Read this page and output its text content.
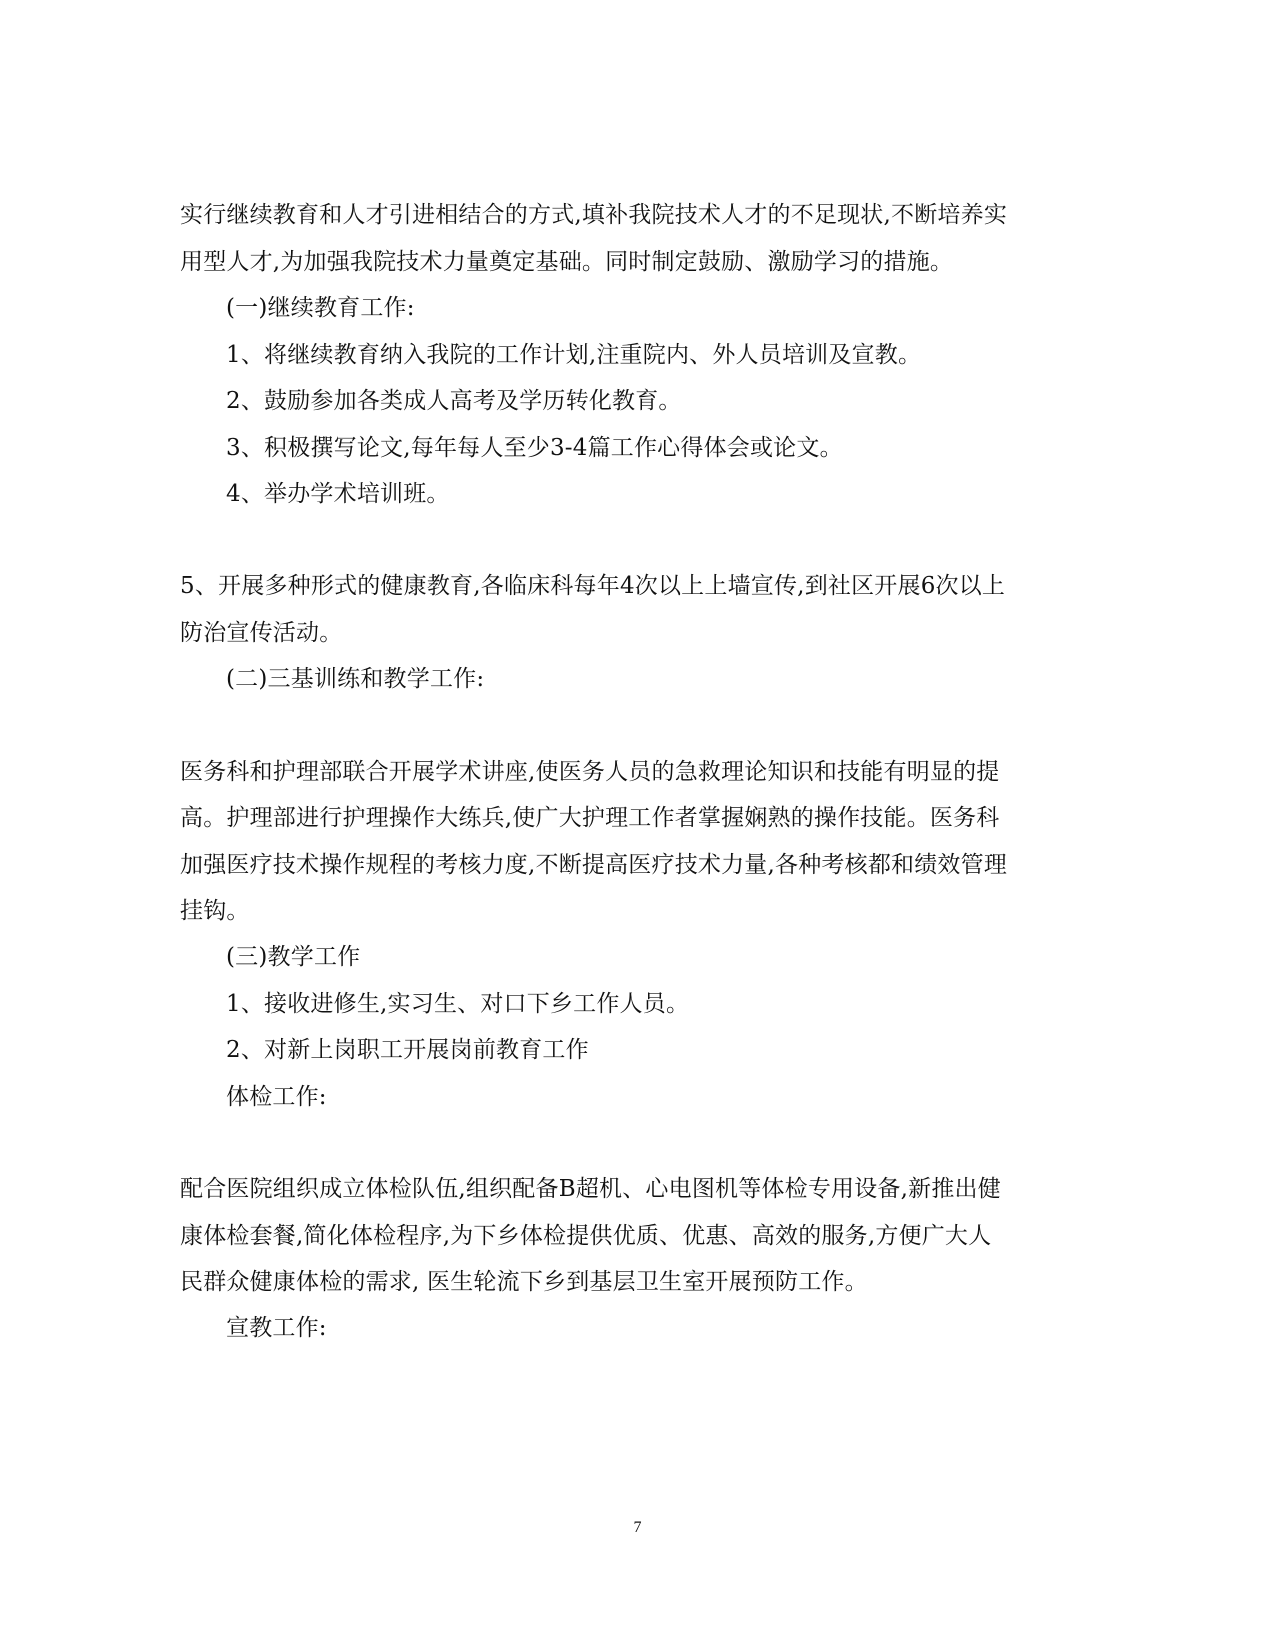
实行继续教育和人才引进相结合的方式,填补我院技术人才的不足现状,不断培养实
用型人才,为加强我院技术力量奠定基础。同时制定鼓励、激励学习的措施。
(一)继续教育工作:
1、将继续教育纳入我院的工作计划,注重院内、外人员培训及宣教。
2、鼓励参加各类成人高考及学历转化教育。
3、积极撰写论文,每年每人至少3-4篇工作心得体会或论文。
4、举办学术培训班。
5、开展多种形式的健康教育,各临床科每年4次以上上墙宣传,到社区开展6次以上
防治宣传活动。
(二)三基训练和教学工作:
医务科和护理部联合开展学术讲座,使医务人员的急救理论知识和技能有明显的提
高。护理部进行护理操作大练兵,使广大护理工作者掌握娴熟的操作技能。医务科
加强医疗技术操作规程的考核力度,不断提高医疗技术力量,各种考核都和绩效管理
挂钩。
(三)教学工作
1、接收进修生,实习生、对口下乡工作人员。
2、对新上岗职工开展岗前教育工作
体检工作:
配合医院组织成立体检队伍,组织配备B超机、心电图机等体检专用设备,新推出健
康体检套餐,简化体检程序,为下乡体检提供优质、优惠、高效的服务,方便广大人
民群众健康体检的需求, 医生轮流下乡到基层卫生室开展预防工作。
宣教工作:
7
